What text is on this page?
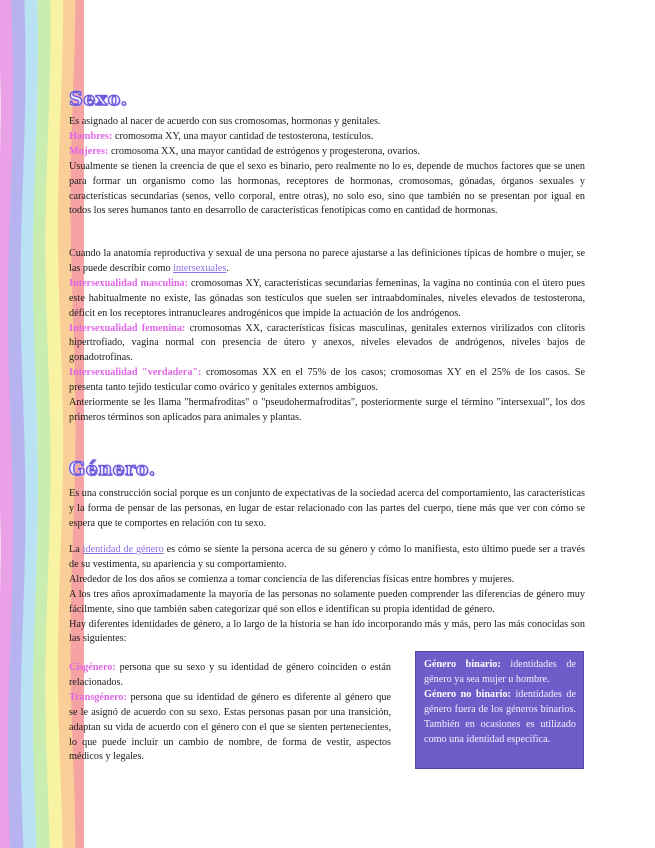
Sexo.
Es asignado al nacer de acuerdo con sus cromosomas, hormonas y genitales.
Hombres: cromosoma XY, una mayor cantidad de testosterona, testículos.
Mujeres: cromosoma XX, una mayor cantidad de estrógenos y progesterona, ovarios.
Usualmente se tienen la creencia de que el sexo es binario, pero realmente no lo es, depende de muchos factores que se unen para formar un organismo como las hormonas, receptores de hormonas, cromosomas, gónadas, órganos sexuales y características secundarias (senos, vello corporal, entre otras), no solo eso, sino que también no se presentan por igual en todos los seres humanos tanto en desarrollo de características fenotípicas como en cantidad de hormonas.
Cuando la anatomía reproductiva y sexual de una persona no parece ajustarse a las definiciones típicas de hombre o mujer, se las puede describir como intersexuales.
Intersexualidad masculina: cromosomas XY, características secundarias femeninas, la vagina no continúa con el útero pues este habitualmente no existe, las gónadas son testículos que suelen ser intraabdominales, niveles elevados de testosterona, déficit en los receptores intranucleares androgénicos que impide la actuación de los andrógenos.
Intersexualidad femenina: cromosomas XX, características físicas masculinas, genitales externos virilizados con clítoris hipertrofiado, vagina normal con presencia de útero y anexos, niveles elevados de andrógenos, niveles bajos de gonadotrofinas.
Intersexualidad "verdadera": cromosomas XX en el 75% de los casos; cromosomas XY en el 25% de los casos. Se presenta tanto tejido testicular como ovárico y genitales externos ambiguos.
Anteriormente se les llama "hermafroditas" o "pseudohermafroditas", posteriormente surge el término "intersexual", los dos primeros términos son aplicados para animales y plantas.
Género.
Es una construcción social porque es un conjunto de expectativas de la sociedad acerca del comportamiento, las características y la forma de pensar de las personas, en lugar de estar relacionado con las partes del cuerpo, tiene más que ver con cómo se espera que te comportes en relación con tu sexo.
La identidad de género es cómo se siente la persona acerca de su género y cómo lo manifiesta, esto último puede ser a través de su vestimenta, su apariencia y su comportamiento.
Alrededor de los dos años se comienza a tomar conciencia de las diferencias físicas entre hombres y mujeres.
A los tres años aproximadamente la mayoría de las personas no solamente pueden comprender las diferencias de género muy fácilmente, sino que también saben categorizar qué son ellos e identifican su propia identidad de género.
Hay diferentes identidades de género, a lo largo de la historia se han ido incorporando más y más, pero las más conocidas son las siguientes:
Cisgénero: persona que su sexo y su identidad de género coinciden o están relacionados.
Transgénero: persona que su identidad de género es diferente al género que se le asignó de acuerdo con su sexo. Estas personas pasan por una transición, adaptan su vida de acuerdo con el género con el que se sienten pertenecientes, lo que puede incluir un cambio de nombre, de forma de vestir, aspectos médicos y legales.
Género binario: identidades de género ya sea mujer u hombre.
Género no binario: identidades de género fuera de los géneros binarios. También en ocasiones es utilizado como una identidad específica.
